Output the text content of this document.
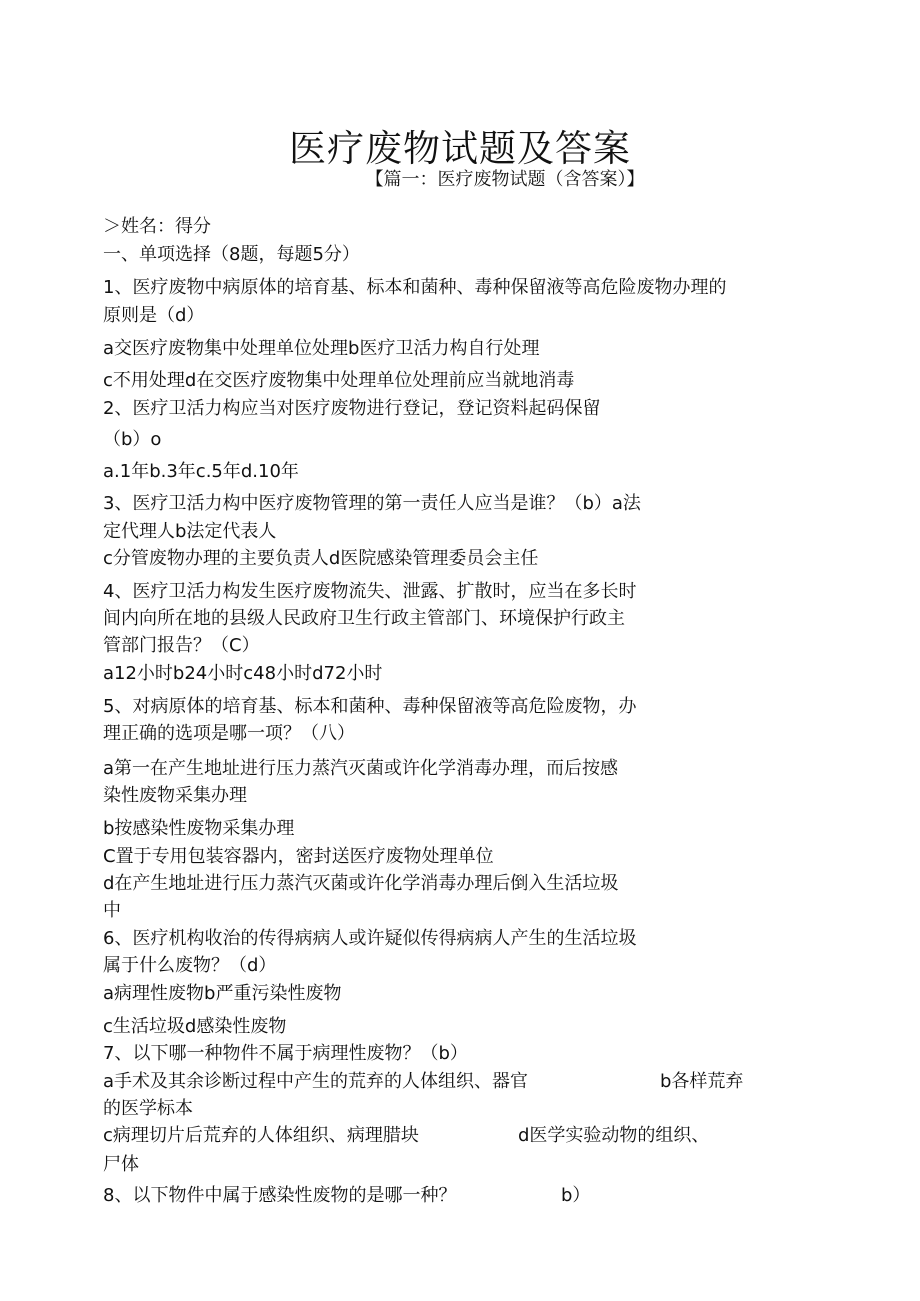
医疗废物试题及答案
【篇一：医疗废物试题（含答案）】
＞姓名：得分
一、单项选择（8题，每题5分）
1、医疗废物中病原体的培育基、标本和菌种、毒种保留液等高危险废物办理的
原则是（d）
a交医疗废物集中处理单位处理b医疗卫活力构自行处理
c不用处理d在交医疗废物集中处理单位处理前应当就地消毒
2、医疗卫活力构应当对医疗废物进行登记，登记资料起码保留
（b）o
a.1年b.3年c.5年d.10年
3、医疗卫活力构中医疗废物管理的第一责任人应当是谁？（b）a法
定代理人b法定代表人
c分管废物办理的主要负责人d医院感染管理委员会主任
4、医疗卫活力构发生医疗废物流失、泄露、扩散时，应当在多长时
间内向所在地的县级人民政府卫生行政主管部门、环境保护行政主
管部门报告？（C）
a12小时b24小时c48小时d72小时
5、对病原体的培育基、标本和菌种、毒种保留液等高危险废物，办
理正确的选项是哪一项？（八）
a第一在产生地址进行压力蒸汽灭菌或许化学消毒办理，而后按感
染性废物采集办理
b按感染性废物采集办理
C置于专用包装容器内，密封送医疗废物处理单位
d在产生地址进行压力蒸汽灭菌或许化学消毒办理后倒入生活垃圾
中
6、医疗机构收治的传得病病人或许疑似传得病病人产生的生活垃圾
属于什么废物？（d）
a病理性废物b严重污染性废物
c生活垃圾d感染性废物
7、以下哪一种物件不属于病理性废物？（b）
a手术及其余诊断过程中产生的荒弃的人体组织、器官	b各样荒弃
的医学标本
c病理切片后荒弃的人体组织、病理腊块	d医学实验动物的组织、
尸体
8、以下物件中属于感染性废物的是哪一种？	b）
